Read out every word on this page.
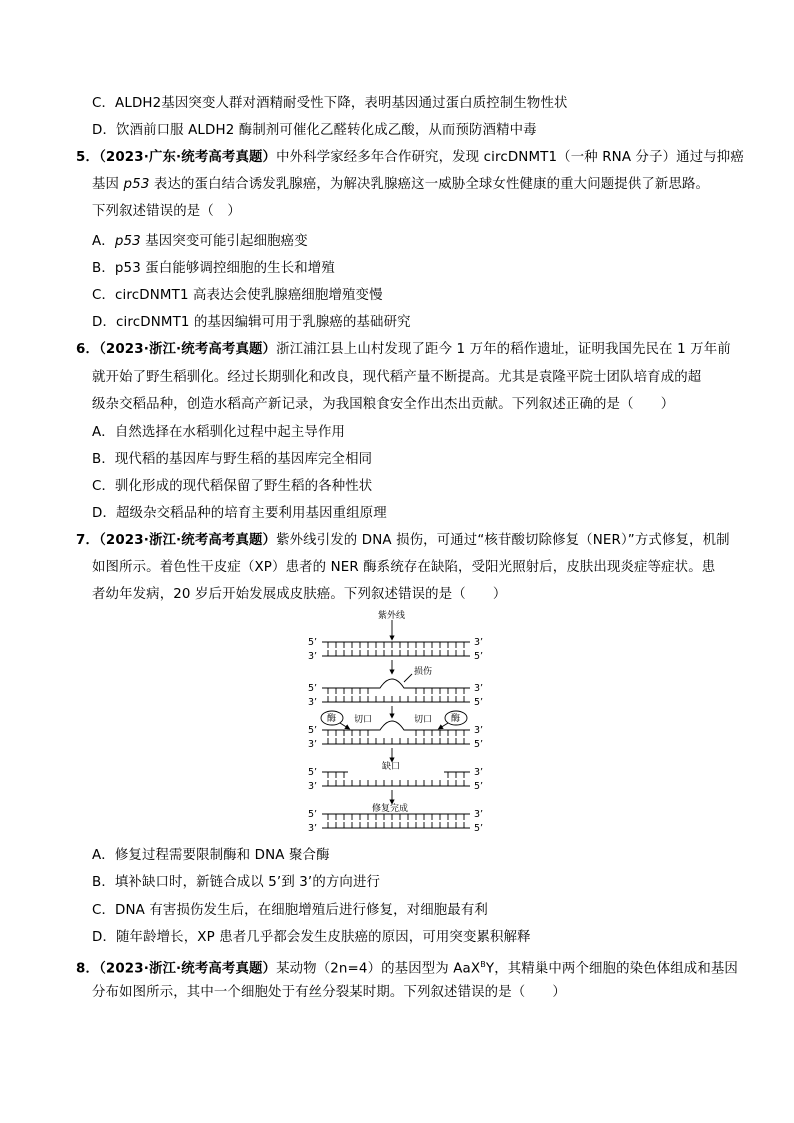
C．ALDH2基因突变人群对酒精耐受性下降，表明基因通过蛋白质控制生物性状
D．饮酒前口服 ALDH2 酶制剂可催化乙醛转化成乙酸，从而预防酒精中毒
5．（2023·广东·统考高考真题）中外科学家经多年合作研究，发现 circDNMT1（一种 RNA 分子）通过与抑癌
基因 p53 表达的蛋白结合诱发乳腺癌，为解决乳腺癌这一威胁全球女性健康的重大问题提供了新思路。
下列叙述错误的是（　）
A．p53 基因突变可能引起细胞癌变
B．p53 蛋白能够调控细胞的生长和增殖
C．circDNMT1 高表达会使乳腺癌细胞增殖变慢
D．circDNMT1 的基因编辑可用于乳腺癌的基础研究
6．（2023·浙江·统考高考真题）浙江浦江县上山村发现了距今 1 万年的稻作遗址，证明我国先民在 1 万年前
就开始了野生稻驯化。经过长期驯化和改良，现代稻产量不断提高。尤其是袁隆平院士团队培育成的超
级杂交稻品种，创造水稻高产新记录，为我国粮食安全作出杰出贡献。下列叙述正确的是（　　）
A．自然选择在水稻驯化过程中起主导作用
B．现代稻的基因库与野生稻的基因库完全相同
C．驯化形成的现代稻保留了野生稻的各种性状
D．超级杂交稻品种的培育主要利用基因重组原理
7．（2023·浙江·统考高考真题）紫外线引发的 DNA 损伤，可通过“核苷酸切除修复（NER）”方式修复，机制
如图所示。着色性干皮症（XP）患者的 NER 酶系统存在缺陷，受阳光照射后，皮肤出现炎症等症状。患
者幼年发病，20 岁后开始发展成皮肤癌。下列叙述错误的是（　　）
紫外线
损伤
酶	酶
切口	切口
缺口
修复完成
5’
3’
3’
5’
5’
3’
3’
5’
5’
3’
3’
5’
5’
3’
3’
5’
5’
3’
3’
5’
A．修复过程需要限制酶和 DNA 聚合酶
B．填补缺口时，新链合成以 5’到 3’的方向进行
C．DNA 有害损伤发生后，在细胞增殖后进行修复，对细胞最有利
D．随年龄增长，XP 患者几乎都会发生皮肤癌的原因，可用突变累积解释
8．（2023·浙江·统考高考真题）某动物（2n=4）的基因型为 AaX$^B$Y，其精巢中两个细胞的染色体组成和基因
分布如图所示，其中一个细胞处于有丝分裂某时期。下列叙述错误的是（　　）
